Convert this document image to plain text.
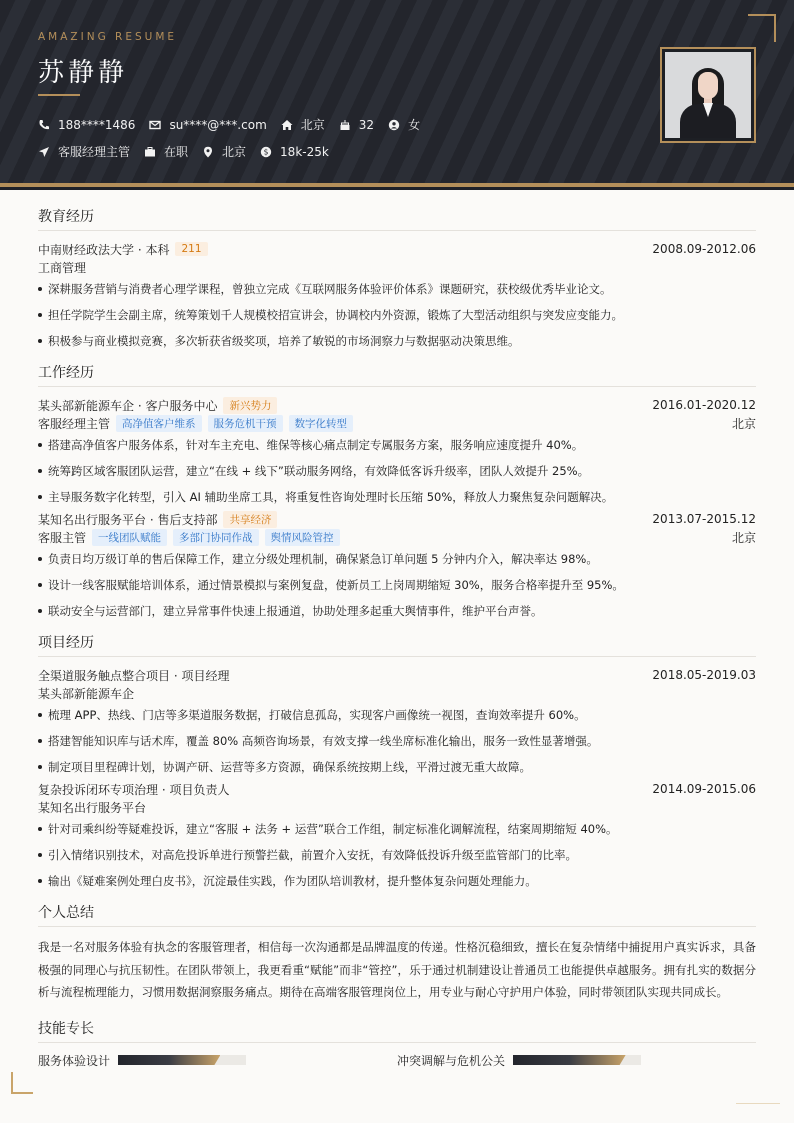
AMAZING RESUME
苏静静
188****1486	su****@***.com	北京	32	女
客服经理主管	在职	北京 $ 18k-25k
教育经历
中南财经政法大学 · 本科	211	2008.09-2012.06
工商管理
深耕服务营销与消费者心理学课程，曾独立完成《互联网服务体验评价体系》课题研究，获校级优秀毕业论文。
担任学院学生会副主席，统筹策划千人规模校招宣讲会，协调校内外资源，锻炼了大型活动组织与突发应变能力。
积极参与商业模拟竞赛，多次斩获省级奖项，培养了敏锐的市场洞察力与数据驱动决策思维。
工作经历
某头部新能源车企 · 客户服务中心	新兴势力	2016.01-2020.12
客服经理主管	高净值客户维系	服务危机干预	数字化转型	北京
搭建高净值客户服务体系，针对车主充电、维保等核心痛点制定专属服务方案，服务响应速度提升 40%。
统筹跨区域客服团队运营，建立“在线 + 线下”联动服务网络，有效降低客诉升级率，团队人效提升 25%。
主导服务数字化转型，引入 AI 辅助坐席工具，将重复性咨询处理时长压缩 50%，释放人力聚焦复杂问题解决。
某知名出行服务平台 · 售后支持部	共享经济	2013.07-2015.12
客服主管	一线团队赋能	多部门协同作战	舆情风险管控	北京
负责日均万级订单的售后保障工作，建立分级处理机制，确保紧急订单问题 5 分钟内介入，解决率达 98%。
设计一线客服赋能培训体系，通过情景模拟与案例复盘，使新员工上岗周期缩短 30%，服务合格率提升至 95%。
联动安全与运营部门，建立异常事件快速上报通道，协助处理多起重大舆情事件，维护平台声誉。
项目经历
全渠道服务触点整合项目 · 项目经理	2018.05-2019.03
某头部新能源车企
梳理 APP、热线、门店等多渠道服务数据，打破信息孤岛，实现客户画像统一视图，查询效率提升 60%。
搭建智能知识库与话术库，覆盖 80% 高频咨询场景，有效支撑一线坐席标准化输出，服务一致性显著增强。
制定项目里程碑计划，协调产研、运营等多方资源，确保系统按期上线，平滑过渡无重大故障。
复杂投诉闭环专项治理 · 项目负责人	2014.09-2015.06
某知名出行服务平台
针对司乘纠纷等疑难投诉，建立“客服 + 法务 + 运营”联合工作组，制定标准化调解流程，结案周期缩短 40%。
引入情绪识别技术，对高危投诉单进行预警拦截，前置介入安抚，有效降低投诉升级至监管部门的比率。
输出《疑难案例处理白皮书》，沉淀最佳实践，作为团队培训教材，提升整体复杂问题处理能力。
个人总结

我是一名对服务体验有执念的客服管理者，相信每一次沟通都是品牌温度的传递。性格沉稳细致，擅长在复杂情绪中捕捉用户真实诉求，具备极强的同理心与抗压韧性。在团队带领上，我更看重“赋能”而非“管控”，乐于通过机制建设让普通员工也能提供卓越服务。拥有扎实的数据分析与流程梳理能力，习惯用数据洞察服务痛点。期待在高端客服管理岗位上，用专业与耐心守护用户体验，同时带领团队实现共同成长。

技能专长
服务体验设计	冲突调解与危机公关
